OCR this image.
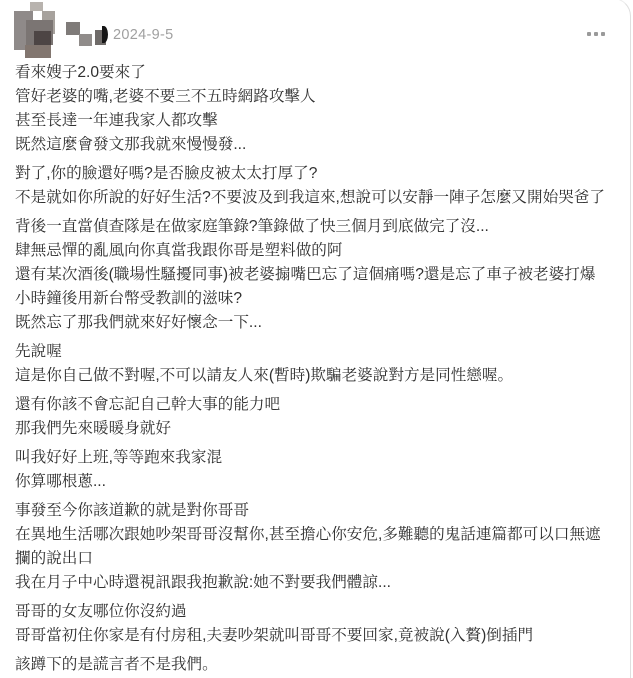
2024-9-5
看來嫂子2.0要來了
管好老婆的嘴,老婆不要三不五時網路攻擊人
甚至長達一年連我家人都攻擊
既然這麼會發文那我就來慢慢發...
對了,你的臉還好嗎?是否臉皮被太太打厚了?
不是就如你所說的好好生活?不要波及到我這來,想說可以安靜一陣子怎麼又開始哭爸了
背後一直當偵查隊是在做家庭筆錄?筆錄做了快三個月到底做完了沒...
肆無忌憚的亂風向你真當我跟你哥是塑料做的阿
還有某次酒後(職場性騷擾同事)被老婆搧嘴巴忘了這個痛嗎?還是忘了車子被老婆打爆
小時鐘後用新台幣受教訓的滋味?
既然忘了那我們就來好好懷念一下...
先說喔
這是你自己做不對喔,不可以請友人來(暫時)欺騙老婆說對方是同性戀喔。
還有你該不會忘記自己幹大事的能力吧
那我們先來暖暖身就好
叫我好好上班,等等跑來我家混
你算哪根蔥...
事發至今你該道歉的就是對你哥哥
在異地生活哪次跟她吵架哥哥沒幫你,甚至擔心你安危,多難聽的鬼話連篇都可以口無遮
攔的說出口
我在月子中心時還視訊跟我抱歉說:她不對要我們體諒...
哥哥的女友哪位你沒約過
哥哥當初住你家是有付房租,夫妻吵架就叫哥哥不要回家,竟被說(入贅)倒插門
該蹲下的是謊言者不是我們。
